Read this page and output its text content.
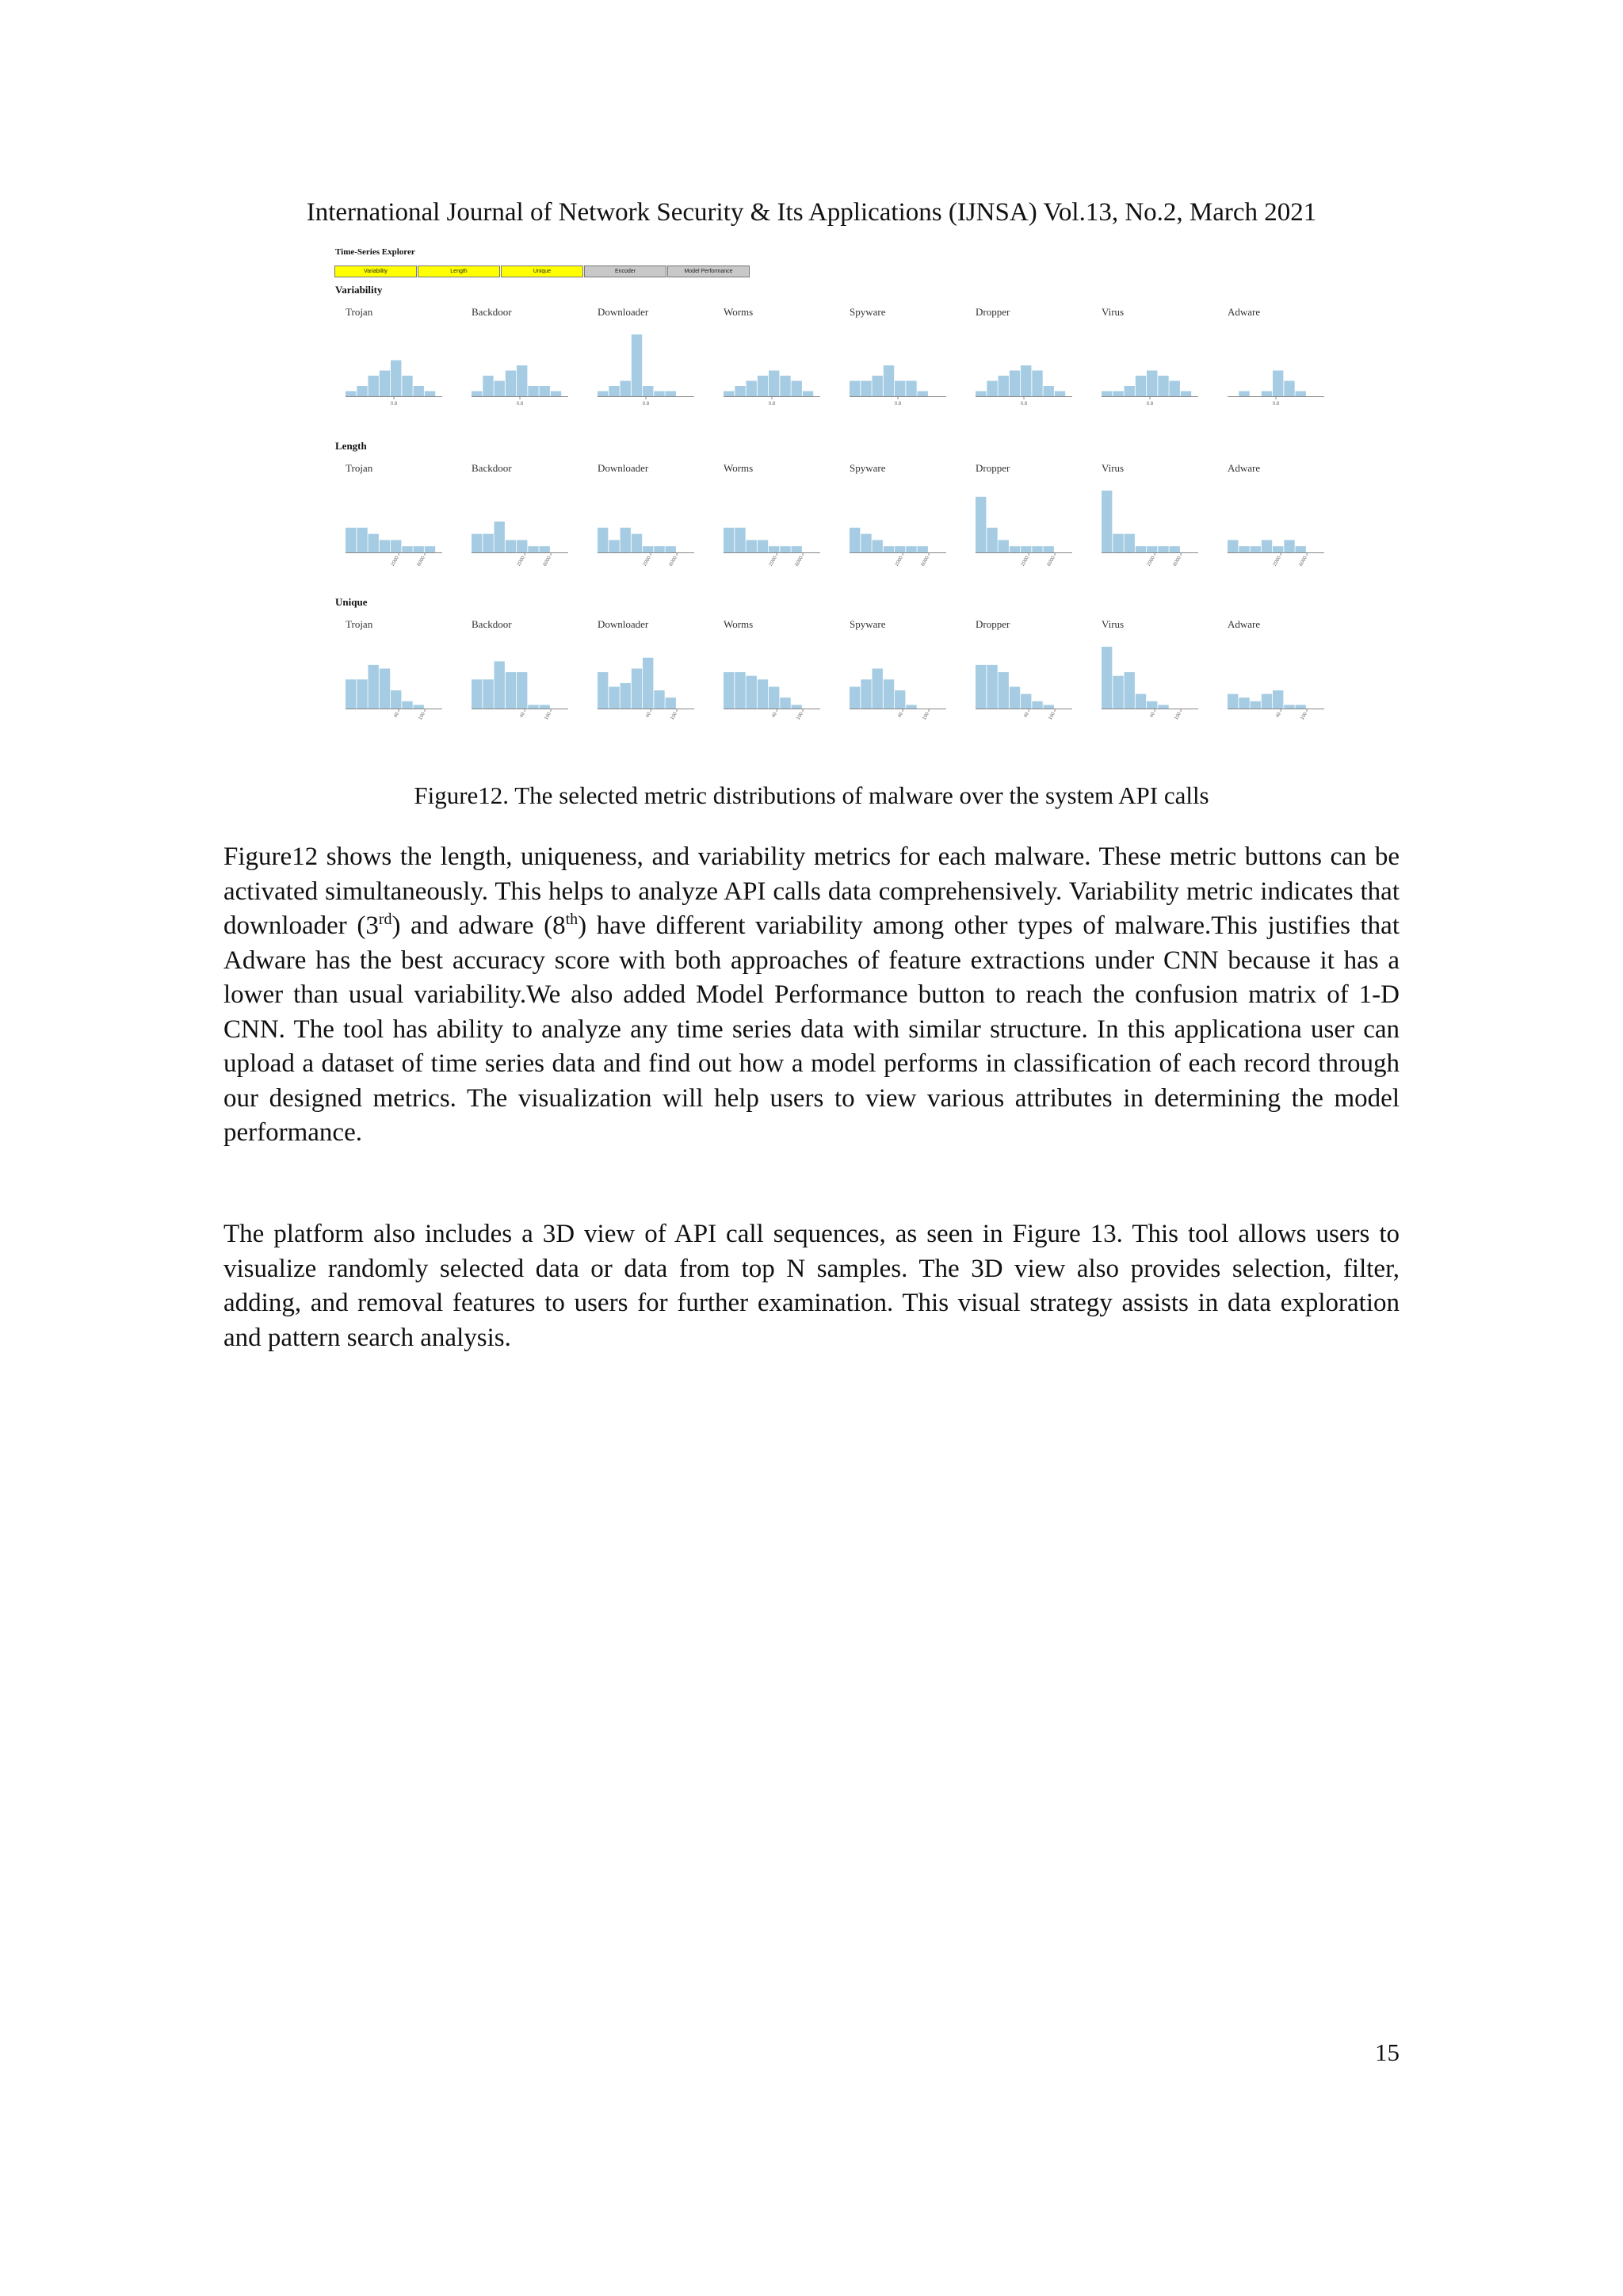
International Journal of Network Security & Its Applications (IJNSA) Vol.13, No.2, March 2021
Time-Series Explorer
Variability	Length	Unique	Encoder	Model Performance
Variability
Trojan
0.8
Backdoor
0.8
Downloader
0.8
Worms
0.8
Spyware
0.8
Dropper
0.8
Virus
0.8
Adware
0.8
Length
Trojan
2000	6000
Backdoor
2000	6000
Downloader
2000	6000
Worms
2000	6000
Spyware
2000	6000
Dropper
2000	6000
Virus
2000	6000
Adware
2000	6000
Unique
Trojan
40	100
Backdoor
40	100
Downloader
40	100
Worms
40	100
Spyware
40	100
Dropper
40	100
Virus
40	100
Adware
40	100
Figure12. The selected metric distributions of malware over the system API calls

Figure12 shows the length, uniqueness, and variability metrics for each malware. These metric buttons can be activated simultaneously. This helps to analyze API calls data comprehensively. Variability metric indicates that downloader (3rd) and adware (8th) have different variability among other types of malware.This justifies that Adware has the best accuracy score with both approaches of feature extractions under CNN because it has a lower than usual variability.We also added Model Performance button to reach the confusion matrix of 1-D CNN. The tool has ability to analyze any time series data with similar structure. In this applicationa user can upload a dataset of time series data and find out how a model performs in classification of each record through our designed metrics. The visualization will help users to view various attributes in determining the model performance.

The platform also includes a 3D view of API call sequences, as seen in Figure 13. This tool allows users to visualize randomly selected data or data from top N samples. The 3D view also provides selection, filter, adding, and removal features to users for further examination. This visual strategy assists in data exploration and pattern search analysis.

15
